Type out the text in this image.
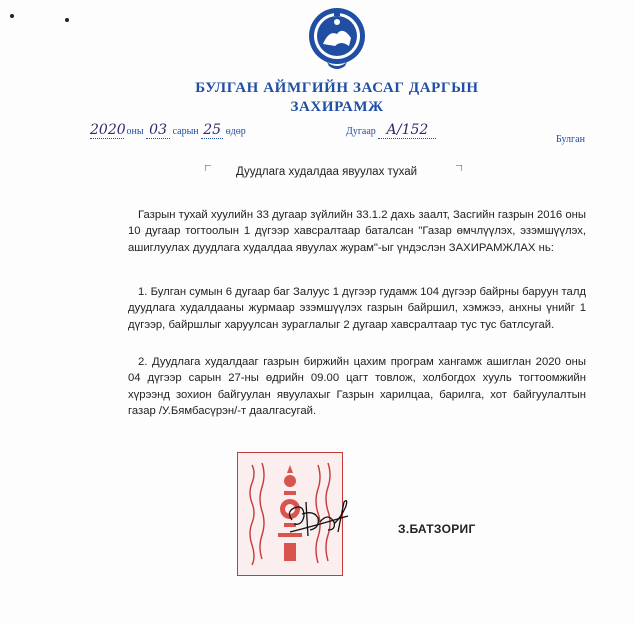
БУЛГАН АЙМГИЙН ЗАСАГ ДАРГЫН
ЗАХИРАМЖ
2020 оны 03 сарын 25 өдөр	Дугаар А/152
Булган
Дуудлага худалдаа явуулах тухай
Газрын тухай хуулийн 33 дугаар зүйлийн 33.1.2 дахь заалт, Засгийн газрын 2016 оны 10 дугаар тогтоолын 1 дүгээр хавсралтаар баталсан "Газар өмчлүүлэх, эзэмшүүлэх, ашиглуулах дуудлага худалдаа явуулах журам"-ыг үндэслэн ЗАХИРАМЖЛАХ нь:
1. Булган сумын 6 дугаар баг Залуус 1 дүгээр гудамж 104 дүгээр байрны баруун талд дуудлага худалдааны журмаар эзэмшүүлэх газрын байршил, хэмжээ, анхны үнийг 1 дүгээр, байршлыг харуулсан зураглалыг 2 дугаар хавсралтаар тус тус батлсугай.
2. Дуудлага худалдааг газрын биржийн цахим програм хангамж ашиглан 2020 оны 04 дүгээр сарын 27-ны өдрийн 09.00 цагт товлож, холбогдох хууль тогтоомжийн хүрээнд зохион байгуулан явуулахыг Газрын харилцаа, барилга, хот байгуулалтын газар /У.Бямбасүрэн/-т даалгасугай.
З.БАТЗОРИГ
